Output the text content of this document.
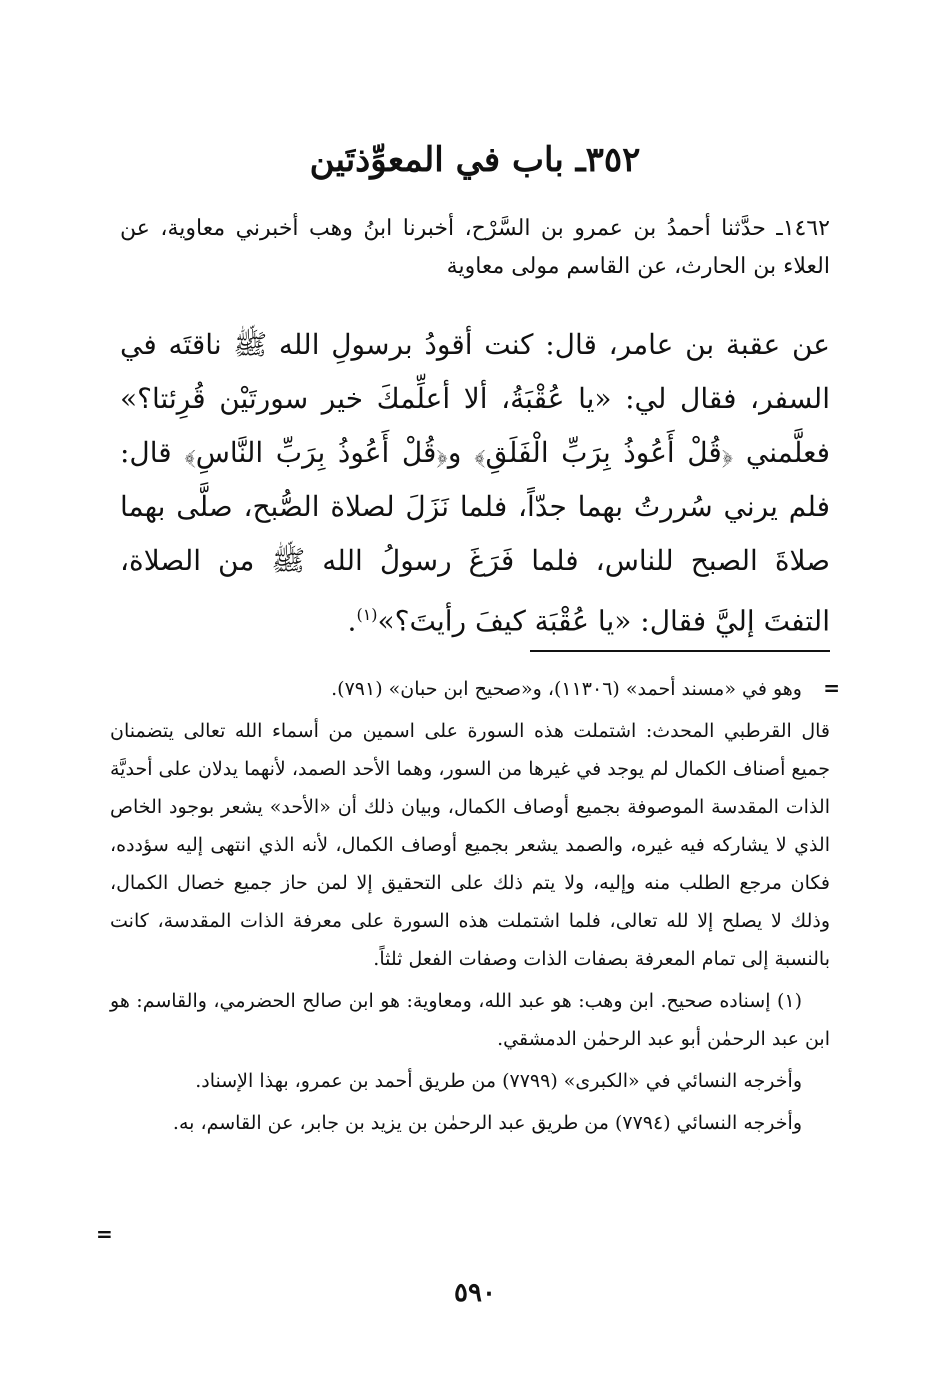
٣٥٢ـ باب في المعوِّذتَين
١٤٦٢ـ حدَّثنا أحمدُ بن عمرو بن السَّرْح، أخبرنا ابنُ وهب أخبرني معاوية، عن العلاء بن الحارث، عن القاسم مولى معاوية
عن عقبة بن عامر، قال: كنت أقودُ برسولِ الله ﷺ ناقتَه في السفر، فقال لي: «يا عُقْبَةُ، ألا أعلِّمكَ خير سورتَيْن قُرِئتا؟» فعلَّمني ﴿قُلْ أَعُوذُ بِرَبِّ الْفَلَقِ﴾ و﴿قُلْ أَعُوذُ بِرَبِّ النَّاسِ﴾ قال: فلم يرني سُررتُ بهما جدّاً، فلما نَزَلَ لصلاة الصُّبح، صلَّى بهما صلاةَ الصبح للناس، فلما فَرَغَ رسولُ الله ﷺ من الصلاة، التفتَ إليَّ فقال: «يا عُقْبَة كيفَ رأيتَ؟»$^{(١)}$.
=

وهو في «مسند أحمد» (١١٣٠٦)، و«صحيح ابن حبان» (٧٩١).

قال القرطبي المحدث: اشتملت هذه السورة على اسمين من أسماء الله تعالى يتضمنان جميع أصناف الكمال لم يوجد في غيرها من السور، وهما الأحد الصمد، لأنهما يدلان على أحديَّة الذات المقدسة الموصوفة بجميع أوصاف الكمال، وبيان ذلك أن «الأحد» يشعر بوجود الخاص الذي لا يشاركه فيه غيره، والصمد يشعر بجميع أوصاف الكمال، لأنه الذي انتهى إليه سؤدده، فكان مرجع الطلب منه وإليه، ولا يتم ذلك على التحقيق إلا لمن حاز جميع خصال الكمال، وذلك لا يصلح إلا لله تعالى، فلما اشتملت هذه السورة على معرفة الذات المقدسة، كانت بالنسبة إلى تمام المعرفة بصفات الذات وصفات الفعل ثلثاً.

(١) إسناده صحيح. ابن وهب: هو عبد الله، ومعاوية: هو ابن صالح الحضرمي، والقاسم: هو ابن عبد الرحمٰن أبو عبد الرحمٰن الدمشقي.

وأخرجه النسائي في «الكبرى» (٧٧٩٩) من طريق أحمد بن عمرو، بهذا الإسناد.

وأخرجه النسائي (٧٧٩٤) من طريق عبد الرحمٰن بن يزيد بن جابر، عن القاسم، به.

=
٥٩٠
